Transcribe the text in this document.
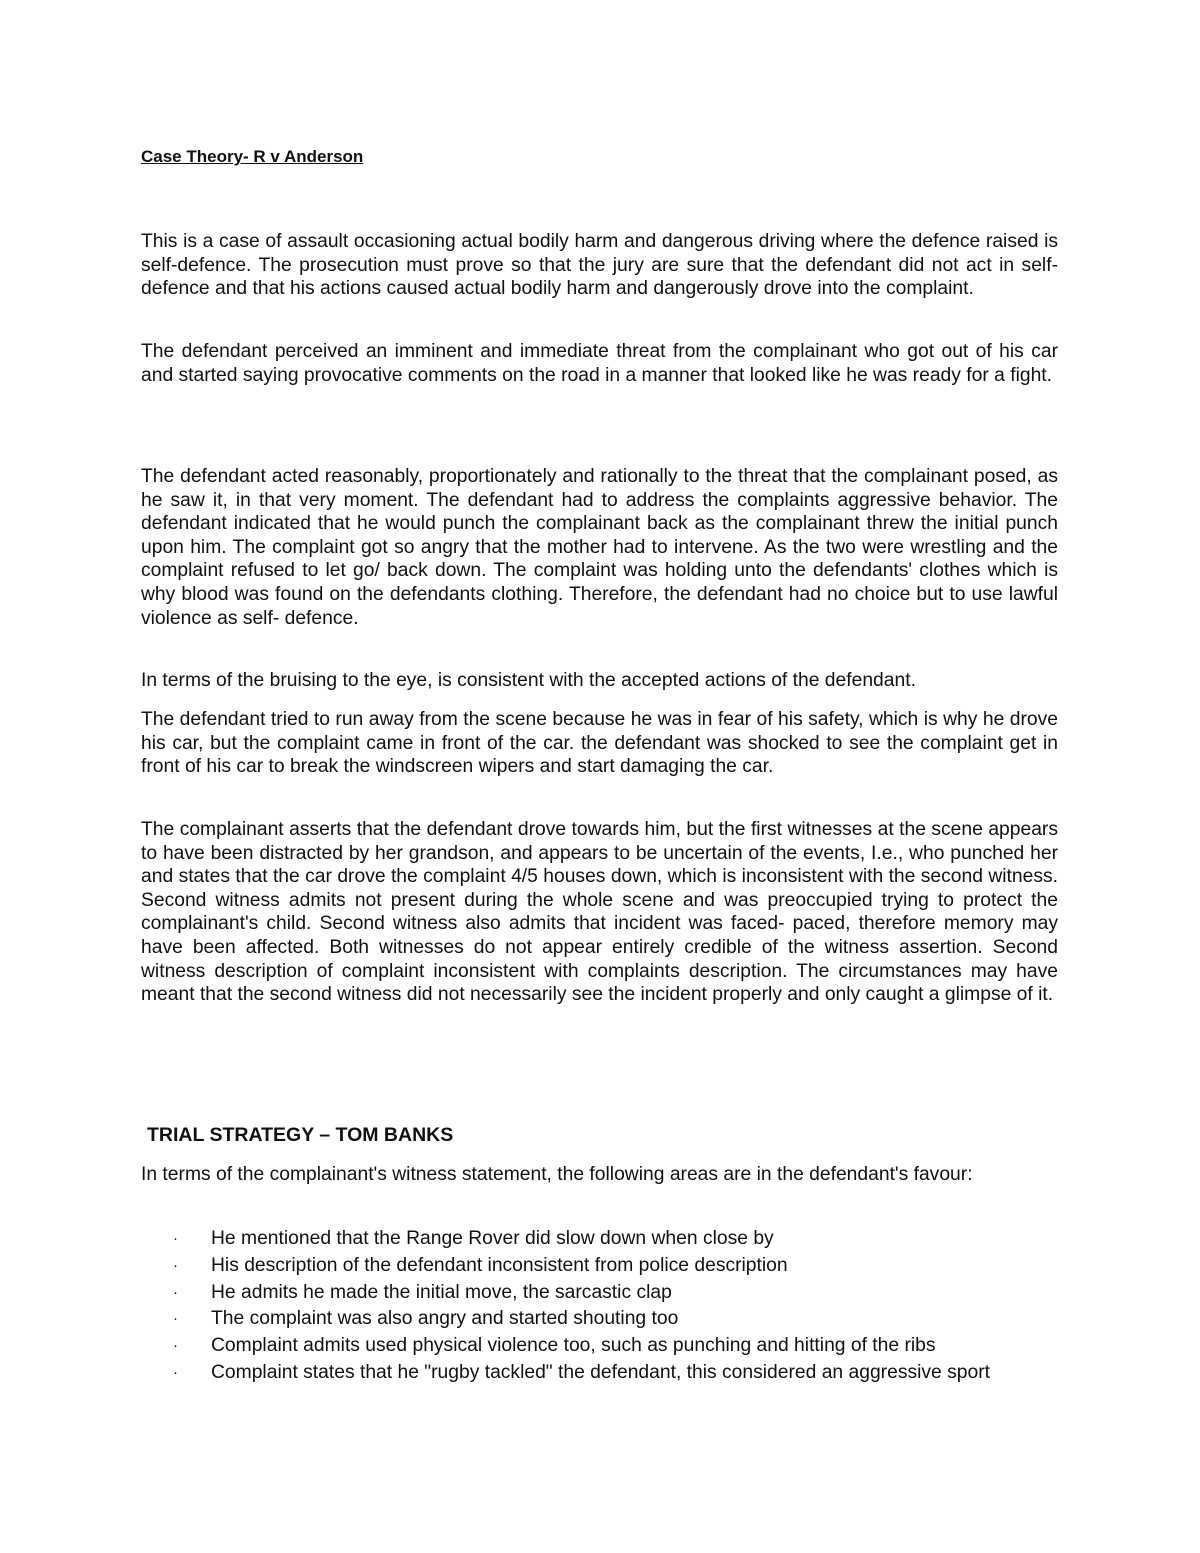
Case Theory- R v Anderson

This is a case of assault occasioning actual bodily harm and dangerous driving where the defence raised is self-defence. The prosecution must prove so that the jury are sure that the defendant did not act in self-defence and that his actions caused actual bodily harm and dangerously drove into the complaint.

The defendant perceived an imminent and immediate threat from the complainant who got out of his car and started saying provocative comments on the road in a manner that looked like he was ready for a fight.

The defendant acted reasonably, proportionately and rationally to the threat that the complainant posed, as he saw it, in that very moment. The defendant had to address the complaints aggressive behavior. The defendant indicated that he would punch the complainant back as the complainant threw the initial punch upon him. The complaint got so angry that the mother had to intervene. As the two were wrestling and the complaint refused to let go/ back down. The complaint was holding unto the defendants' clothes which is why blood was found on the defendants clothing. Therefore, the defendant had no choice but to use lawful violence as self- defence.

In terms of the bruising to the eye, is consistent with the accepted actions of the defendant.

The defendant tried to run away from the scene because he was in fear of his safety, which is why he drove his car, but the complaint came in front of the car. the defendant was shocked to see the complaint get in front of his car to break the windscreen wipers and start damaging the car.

The complainant asserts that the defendant drove towards him, but the first witnesses at the scene appears to have been distracted by her grandson, and appears to be uncertain of the events, I.e., who punched her and states that the car drove the complaint 4/5 houses down, which is inconsistent with the second witness. Second witness admits not present during the whole scene and was preoccupied trying to protect the complainant's child. Second witness also admits that incident was faced- paced, therefore memory may have been affected. Both witnesses do not appear entirely credible of the witness assertion. Second witness description of complaint inconsistent with complaints description. The circumstances may have meant that the second witness did not necessarily see the incident properly and only caught a glimpse of it.

TRIAL STRATEGY – TOM BANKS

In terms of the complainant's witness statement, the following areas are in the defendant's favour:

· He mentioned that the Range Rover did slow down when close by
· His description of the defendant inconsistent from police description
· He admits he made the initial move, the sarcastic clap
· The complaint was also angry and started shouting too
· Complaint admits used physical violence too, such as punching and hitting of the ribs
· Complaint states that he "rugby tackled" the defendant, this considered an aggressive sport
